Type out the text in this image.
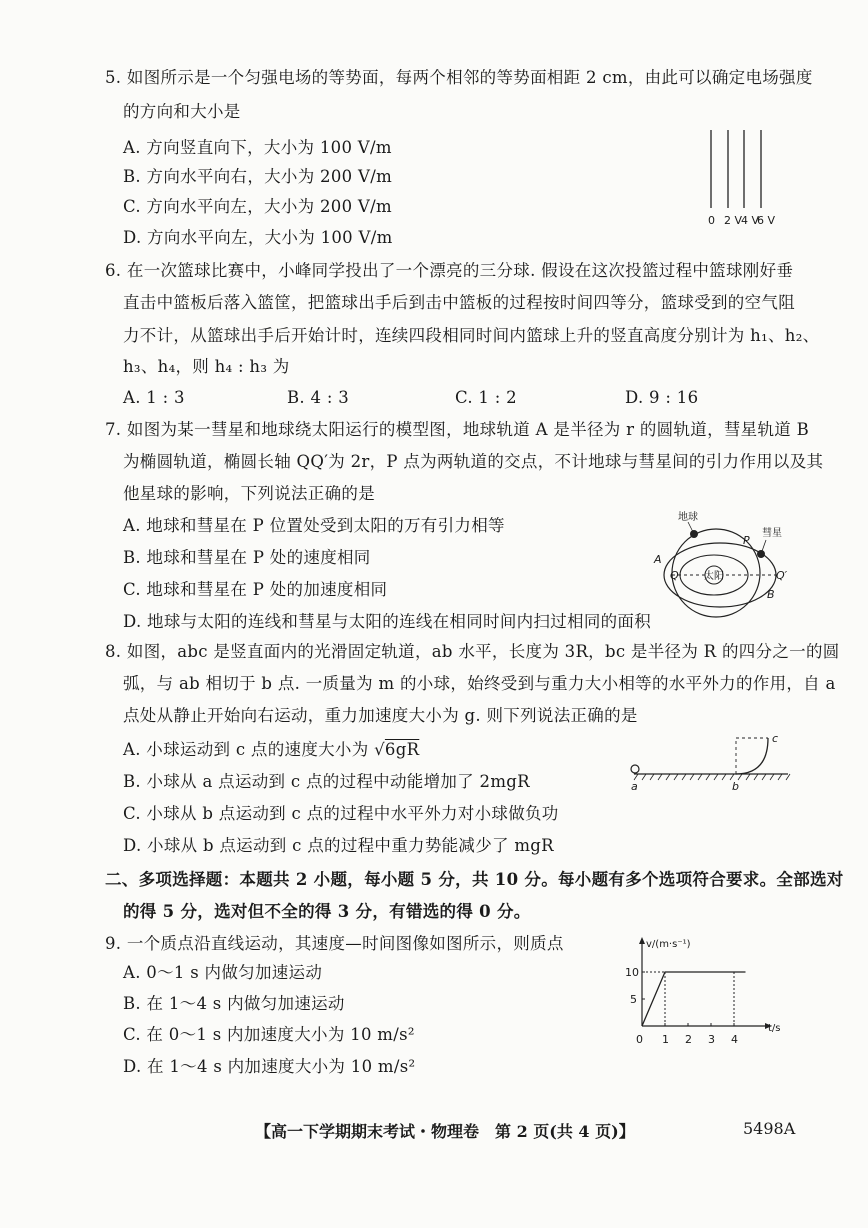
5. 如图所示是一个匀强电场的等势面，每两个相邻的等势面相距 2 cm，由此可以确定电场强度
的方向和大小是
A. 方向竖直向下，大小为 100 V/m
B. 方向水平向右，大小为 200 V/m
C. 方向水平向左，大小为 200 V/m
D. 方向水平向左，大小为 100 V/m
0 2 V
4 V
6 V
6. 在一次篮球比赛中，小峰同学投出了一个漂亮的三分球. 假设在这次投篮过程中篮球刚好垂
直击中篮板后落入篮筐，把篮球出手后到击中篮板的过程按时间四等分，篮球受到的空气阻
力不计，从篮球出手后开始计时，连续四段相同时间内篮球上升的竖直高度分别计为 h₁、h₂、
h₃、h₄，则 h₄ : h₃ 为
A. 1 : 3	B. 4 : 3	C. 1 : 2	D. 9 : 16
7. 如图为某一彗星和地球绕太阳运行的模型图，地球轨道 A 是半径为 r 的圆轨道，彗星轨道 B
为椭圆轨道，椭圆长轴 QQ′为 2r，P 点为两轨道的交点，不计地球与彗星间的引力作用以及其
他星球的影响，下列说法正确的是
A. 地球和彗星在 P 位置处受到太阳的万有引力相等
B. 地球和彗星在 P 处的速度相同
C. 地球和彗星在 P 处的加速度相同
D. 地球与太阳的连线和彗星与太阳的连线在相同时间内扫过相同的面积
太阳
地球
彗星
P
A
Q	Q′
B
8. 如图，abc 是竖直面内的光滑固定轨道，ab 水平，长度为 3R，bc 是半径为 R 的四分之一的圆
弧，与 ab 相切于 b 点. 一质量为 m 的小球，始终受到与重力大小相等的水平外力的作用，自 a
点处从静止开始向右运动，重力加速度大小为 g. 则下列说法正确的是
A. 小球运动到 c 点的速度大小为 √6gR
B. 小球从 a 点运动到 c 点的过程中动能增加了 2mgR
C. 小球从 b 点运动到 c 点的过程中水平外力对小球做负功
D. 小球从 b 点运动到 c 点的过程中重力势能减少了 mgR
a	b
c
二、多项选择题：本题共 2 小题，每小题 5 分，共 10 分。每小题有多个选项符合要求。全部选对
的得 5 分，选对但不全的得 3 分，有错选的得 0 分。
9. 一个质点沿直线运动，其速度—时间图像如图所示，则质点
A. 0～1 s 内做匀加速运动
B. 在 1～4 s 内做匀加速运动
C. 在 0～1 s 内加速度大小为 10 m/s²
D. 在 1～4 s 内加速度大小为 10 m/s²
v/(m·s⁻¹)
t/s
0 1 2 3 4
5
10
【高一下学期期末考试・物理卷　第 2 页(共 4 页)】	5498A
